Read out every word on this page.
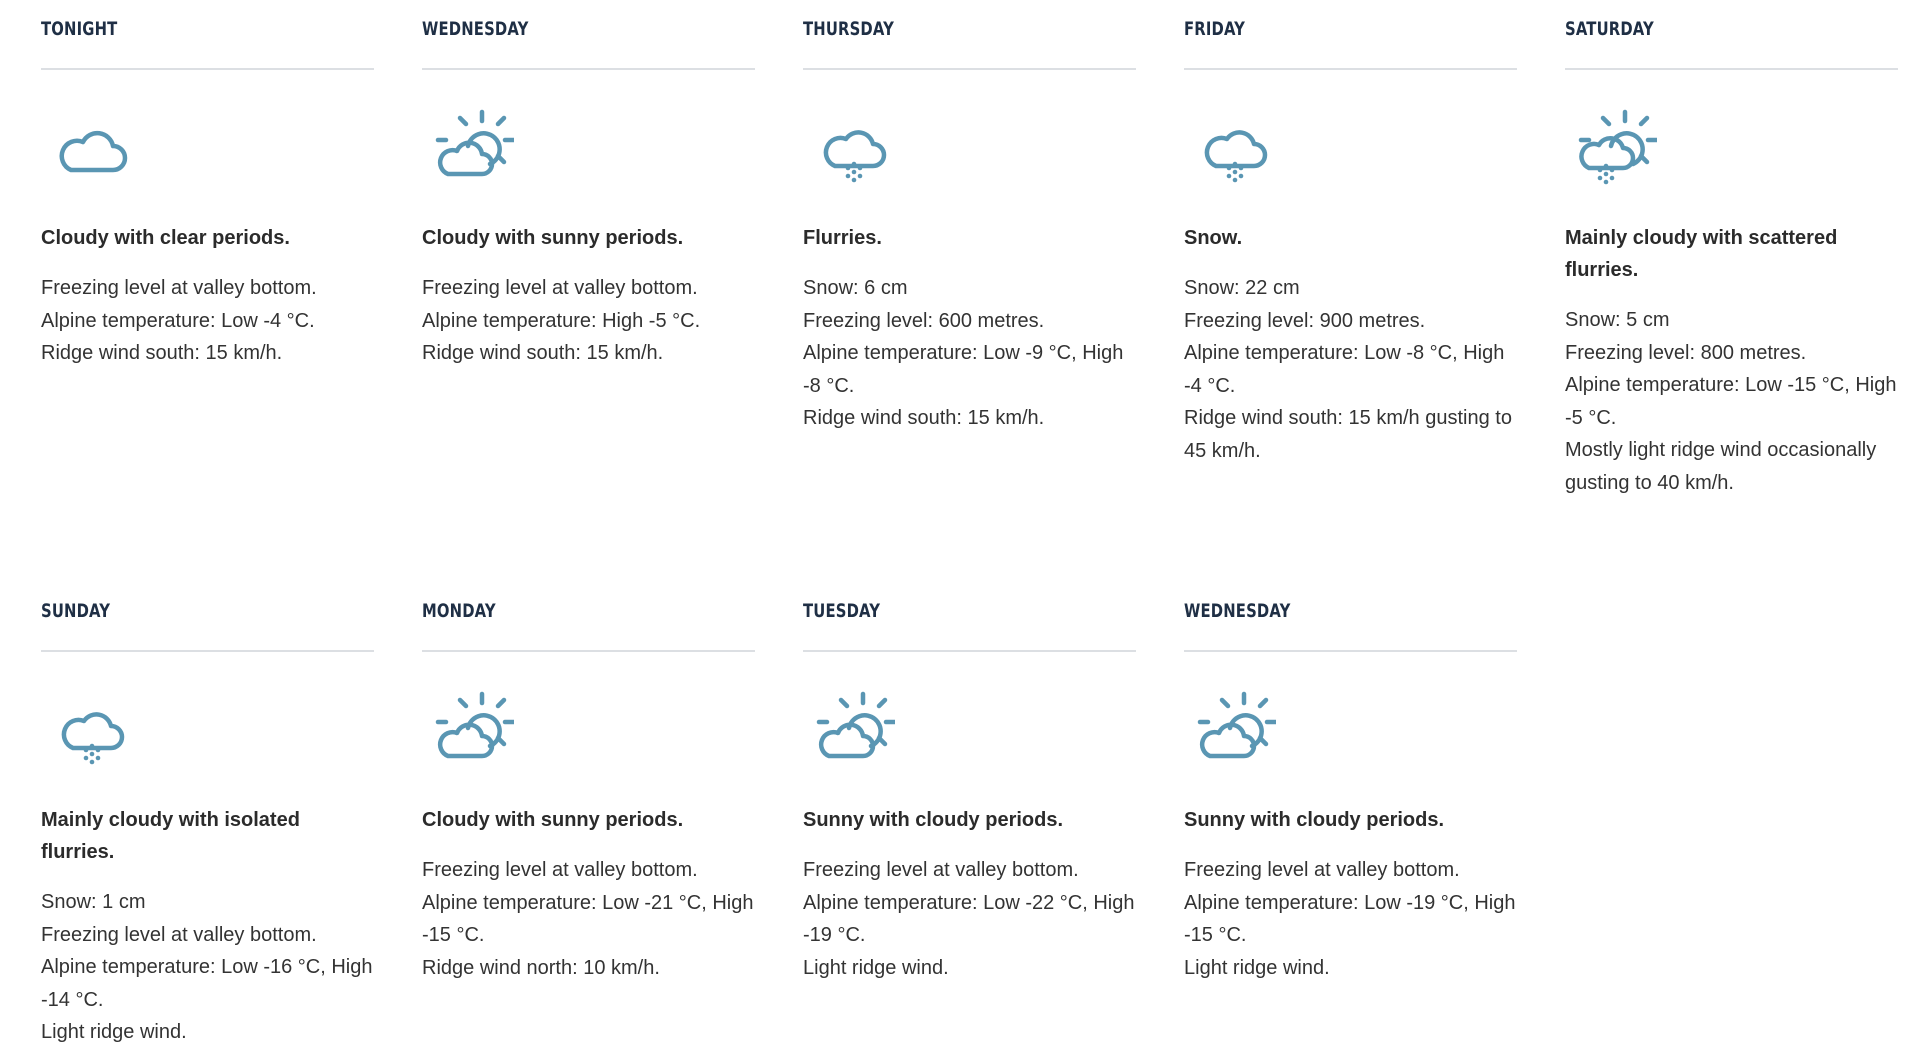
TONIGHT
Cloudy with clear periods.
Freezing level at valley bottom.
Alpine temperature: Low -4 °C.
Ridge wind south: 15 km/h.
WEDNESDAY
Cloudy with sunny periods.
Freezing level at valley bottom.
Alpine temperature: High -5 °C.
Ridge wind south: 15 km/h.
THURSDAY
Flurries.
Snow: 6 cm
Freezing level: 600 metres.
Alpine temperature: Low -9 °C, High -8 °C.
Ridge wind south: 15 km/h.
FRIDAY
Snow.
Snow: 22 cm
Freezing level: 900 metres.
Alpine temperature: Low -8 °C, High -4 °C.
Ridge wind south: 15 km/h gusting to 45 km/h.
SATURDAY
Mainly cloudy with scattered flurries.
Snow: 5 cm
Freezing level: 800 metres.
Alpine temperature: Low -15 °C, High -5 °C.
Mostly light ridge wind occasionally gusting to 40 km/h.
SUNDAY
Mainly cloudy with isolated flurries.
Snow: 1 cm
Freezing level at valley bottom.
Alpine temperature: Low -16 °C, High -14 °C.
Light ridge wind.
MONDAY
Cloudy with sunny periods.
Freezing level at valley bottom.
Alpine temperature: Low -21 °C, High -15 °C.
Ridge wind north: 10 km/h.
TUESDAY
Sunny with cloudy periods.
Freezing level at valley bottom.
Alpine temperature: Low -22 °C, High -19 °C.
Light ridge wind.
WEDNESDAY
Sunny with cloudy periods.
Freezing level at valley bottom.
Alpine temperature: Low -19 °C, High -15 °C.
Light ridge wind.
